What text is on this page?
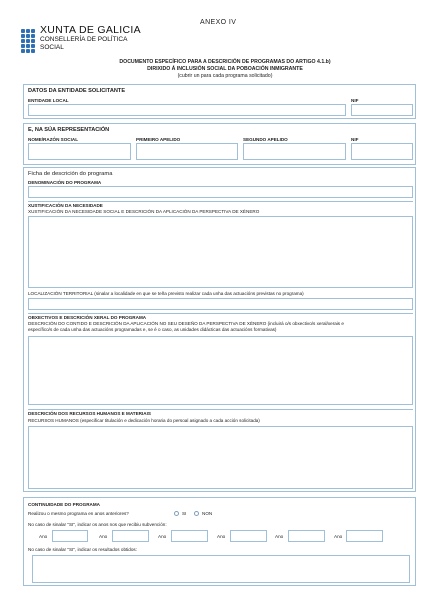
XUNTA DE GALICIA
CONSELLERÍA DE POLÍTICA
SOCIAL
ANEXO IV
DOCUMENTO ESPECÍFICO PARA A DESCRICIÓN DE PROGRAMAS DO ARTIGO 4.1.b)
DIRIXIDO Á INCLUSIÓN SOCIAL DA POBOACIÓN INMIGRANTE
(cubrir un para cada programa solicitado)
DATOS DA ENTIDADE SOLICITANTE
ENTIDADE LOCAL	NIF
E, NA SÚA REPRESENTACIÓN
NOME/RAZÓN SOCIAL	PRIMEIRO APELIDO	SEGUNDO APELIDO	NIF
Ficha de descrición do programa
DENOMINACIÓN DO PROGRAMA
XUSTIFICACIÓN DA NECESIDADE
XUSTIFICACIÓN DA NECESIDADE SOCIAL E DESCRICIÓN DA APLICACIÓN DA PERSPECTIVA DE XÉNERO
LOCALIZACIÓN TERRITORIAL (sinalar a localidade en que se teña previsto realizar cada unha das actuacións previstas no programa)
OBXECTIVOS E DESCRICIÓN XERAL DO PROGRAMA
DESCRICIÓN DO CONTIDO E DESCRICIÓN DA APLICACIÓN NO SEU DESEÑO DA PERSPECTIVA DE XÉNERO (incluirá o/s obxectivo/s xeral/xerais e
específico/s de cada unha das actuacións programadas e, se é o caso, as unidades didácticas das actuacións formativas)
DESCRICIÓN DOS RECURSOS HUMANOS E MATERIAIS
RECURSOS HUMANOS (especificar titulación e dedicación horaria do persoal asignado a cada acción solicitada)
CONTINUIDADE DO PROGRAMA
Realizou o mesmo programa en anos anteriores?	SI	NON
No caso de sinalar "SI", indicar os anos nos que recibiu subvención:
Ano	Ano	Ano	Ano	Ano	Ano
No caso de sinalar "SI", indicar os resultados obtidos:
